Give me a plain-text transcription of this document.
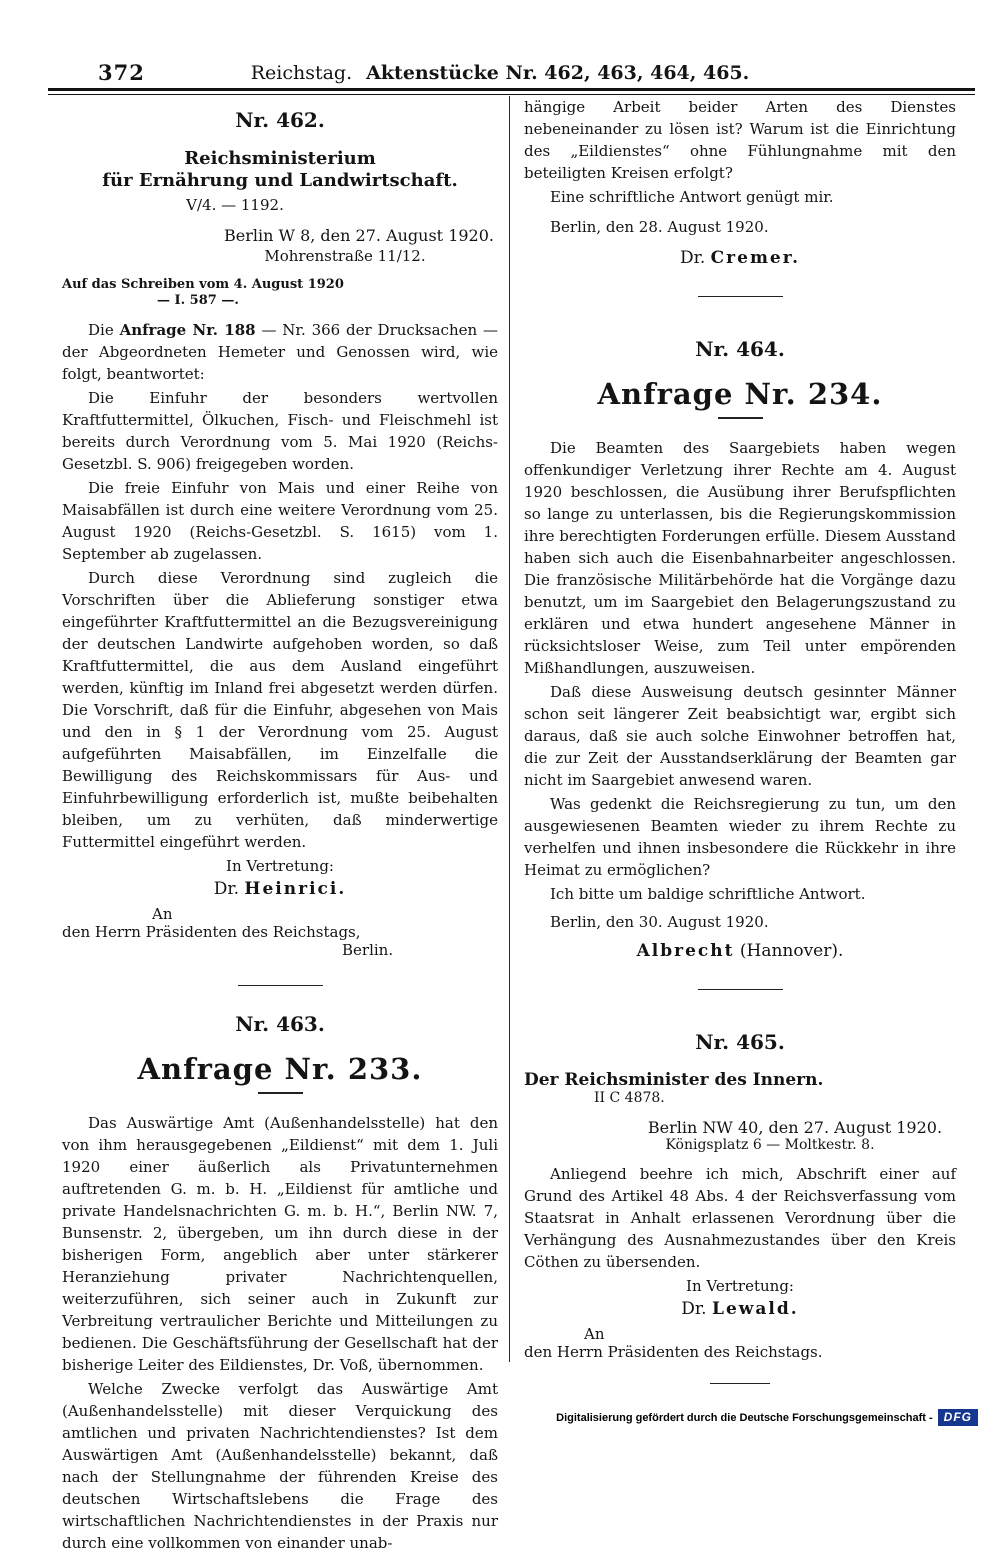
372	Reichstag. Aktenstücke Nr. 462, 463, 464, 465.
Nr. 462.

Reichsministerium

für Ernährung und Landwirtschaft.

V/4. — 1192.

Berlin W 8, den 27. August 1920.

Mohrenstraße 11/12.

Auf das Schreiben vom 4. August 1920

— I. 587 —.

Die Anfrage Nr. 188 — Nr. 366 der Drucksachen — der Abgeordneten Hemeter und Genossen wird, wie folgt, beantwortet:

Die Einfuhr der besonders wertvollen Kraftfuttermittel, Ölkuchen, Fisch- und Fleischmehl ist bereits durch Verordnung vom 5. Mai 1920 (Reichs-Gesetzbl. S. 906) freigegeben worden.

Die freie Einfuhr von Mais und einer Reihe von Maisabfällen ist durch eine weitere Verordnung vom 25. August 1920 (Reichs-Gesetzbl. S. 1615) vom 1. September ab zugelassen.

Durch diese Verordnung sind zugleich die Vorschriften über die Ablieferung sonstiger etwa eingeführter Kraftfuttermittel an die Bezugsvereinigung der deutschen Landwirte aufgehoben worden, so daß Kraftfuttermittel, die aus dem Ausland eingeführt werden, künftig im Inland frei abgesetzt werden dürfen. Die Vorschrift, daß für die Einfuhr, abgesehen von Mais und den in § 1 der Verordnung vom 25. August aufgeführten Maisabfällen, im Einzelfalle die Bewilligung des Reichskommissars für Aus- und Einfuhrbewilligung erforderlich ist, mußte beibehalten bleiben, um zu verhüten, daß minderwertige Futtermittel eingeführt werden.

In Vertretung:

Dr. Heinrici.

An

den Herrn Präsidenten des Reichstags,

Berlin.

Nr. 463.

Anfrage Nr. 233.

Das Auswärtige Amt (Außenhandelsstelle) hat den von ihm herausgegebenen „Eildienst“ mit dem 1. Juli 1920 einer äußerlich als Privatunternehmen auftretenden G. m. b. H. „Eildienst für amtliche und private Handelsnachrichten G. m. b. H.“, Berlin NW. 7, Bunsenstr. 2, übergeben, um ihn durch diese in der bisherigen Form, angeblich aber unter stärkerer Heranziehung privater Nachrichtenquellen, weiterzuführen, sich seiner auch in Zukunft zur Verbreitung vertraulicher Berichte und Mitteilungen zu bedienen. Die Geschäftsführung der Gesellschaft hat der bisherige Leiter des Eildienstes, Dr. Voß, übernommen.

Welche Zwecke verfolgt das Auswärtige Amt (Außenhandelsstelle) mit dieser Verquickung des amtlichen und privaten Nachrichtendienstes? Ist dem Auswärtigen Amt (Außenhandelsstelle) bekannt, daß nach der Stellungnahme der führenden Kreise des deutschen Wirtschaftslebens die Frage des wirtschaftlichen Nachrichtendienstes in der Praxis nur durch eine vollkommen von einander unab-

hängige Arbeit beider Arten des Dienstes nebeneinander zu lösen ist? Warum ist die Einrichtung des „Eildienstes“ ohne Fühlungnahme mit den beteiligten Kreisen erfolgt?

Eine schriftliche Antwort genügt mir.

Berlin, den 28. August 1920.

Dr. Cremer.

Nr. 464.

Anfrage Nr. 234.

Die Beamten des Saargebiets haben wegen offenkundiger Verletzung ihrer Rechte am 4. August 1920 beschlossen, die Ausübung ihrer Berufspflichten so lange zu unterlassen, bis die Regierungskommission ihre berechtigten Forderungen erfülle. Diesem Ausstand haben sich auch die Eisenbahnarbeiter angeschlossen. Die französische Militärbehörde hat die Vorgänge dazu benutzt, um im Saargebiet den Belagerungszustand zu erklären und etwa hundert angesehene Männer in rücksichtsloser Weise, zum Teil unter empörenden Mißhandlungen, auszuweisen.

Daß diese Ausweisung deutsch gesinnter Männer schon seit längerer Zeit beabsichtigt war, ergibt sich daraus, daß sie auch solche Einwohner betroffen hat, die zur Zeit der Ausstandserklärung der Beamten gar nicht im Saargebiet anwesend waren.

Was gedenkt die Reichsregierung zu tun, um den ausgewiesenen Beamten wieder zu ihrem Rechte zu verhelfen und ihnen insbesondere die Rückkehr in ihre Heimat zu ermöglichen?

Ich bitte um baldige schriftliche Antwort.

Berlin, den 30. August 1920.

Albrecht (Hannover).

Nr. 465.

Der Reichsminister des Innern.

II C 4878.

Berlin NW 40, den 27. August 1920.

Königsplatz 6 — Moltkestr. 8.

Anliegend beehre ich mich, Abschrift einer auf Grund des Artikel 48 Abs. 4 der Reichsverfassung vom Staatsrat in Anhalt erlassenen Verordnung über die Verhängung des Ausnahmezustandes über den Kreis Cöthen zu übersenden.

In Vertretung:

Dr. Lewald.

An

den Herrn Präsidenten des Reichstags.

Digitalisierung gefördert durch die Deutsche Forschungsgemeinschaft - DFG
